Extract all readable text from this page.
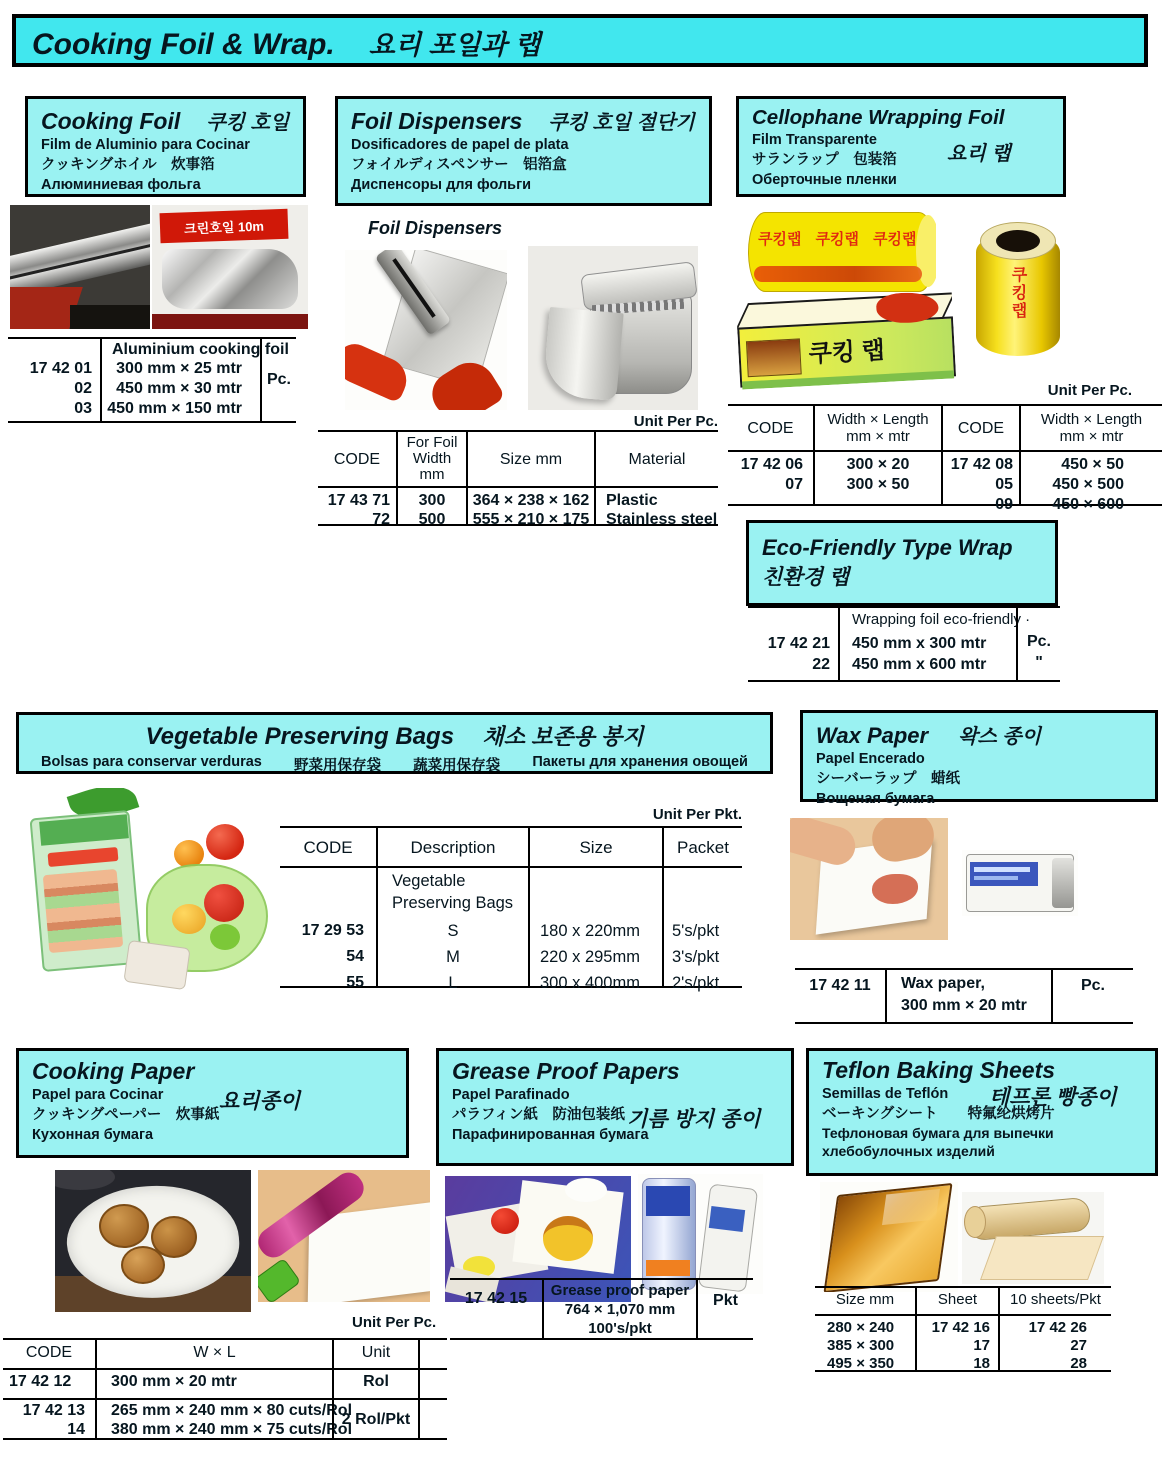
Cooking Foil & Wrap. 요리 포일과 랩
Cooking Foil 쿠킹 호일
Film de Aluminio para Cocinar
クッキングホイル　炊事箔
Алюминиевая фольга
크린호일 10m
17 42 01
02
03
Aluminium cooking foil
300 mm × 25 mtr
450 mm × 30 mtr
450 mm × 150 mtr
Pc.
Foil Dispensers 쿠킹 호일 절단기
Dosificadores de papel de plata
フォイルディスペンサー　铝箔盒
Диспенсоры для фольги
Foil Dispensers
Unit Per Pc.
CODE
17 43 71
72
For Foil
Width
mm
300
500
Size mm
364 × 238 × 162
555 × 210 × 175
Material
Plastic
Stainless steel
Cellophane Wrapping Foil
Film Transparente
サランラップ　包装箔
Оберточные пленки
요리 랩
쿠킹랩 쿠킹랩 쿠킹랩
쿠킹 랩
쿠킹랩
Unit Per Pc.
CODE
17 42 06
07
Width × Length
mm × mtr
300 × 20
300 × 50
CODE
17 42 08
05
09
Width × Length
mm × mtr
450 × 50
450 × 500
450 × 600
Eco-Friendly Type Wrap
친환경 랩
17 42 21
22
Wrapping foil eco-friendly ·
450 mm x 300 mtr
450 mm x 600 mtr
Pc.
"
Vegetable Preserving Bags 채소 보존용 봉지
Bolsas para conservar verduras 野菜用保存袋 蔬菜用保存袋 Пакеты для хранения овощей
Unit Per Pkt.
CODE
17 29 53
54
55
Description
Vegetable
Preserving Bags
S
M
L
Size
180 x 220mm
220 x 295mm
300 x 400mm
Packet
5's/pkt
3's/pkt
2's/pkt
Wax Paper 왁스 종이
Papel Encerado
シーバーラップ　蜡纸
Вощеная бумага
17 42 11	Wax paper,
300 mm × 20 mtr
Pc.
Cooking Paper
Papel para Cocinar
クッキングペーパー　炊事紙
Кухонная бумага
요리종이
Unit Per Pc.
CODE
17 42 12
17 42 13
14
W × L
300 mm × 20 mtr
265 mm × 240 mm × 80 cuts/Rol
380 mm × 240 mm × 75 cuts/Rol
Unit
Rol
2 Rol/Pkt
Grease Proof Papers
Papel Parafinado
パラフィン紙　防油包装纸
Парафинированная бумага
기름 방지 종이
17 42 15	Grease proof paper
764 × 1,070 mm
100's/pkt
Pkt
Teflon Baking Sheets
Semillas de Teflón
ベーキングシート 特氟纶烘烤片
Тефлоновая бумага для выпечки
хлебобулочных изделий
테프론 빵종이
Size mm
280 × 240
385 × 300
495 × 350
Sheet
17 42 16
17
18
10 sheets/Pkt
17 42 26
27
28
